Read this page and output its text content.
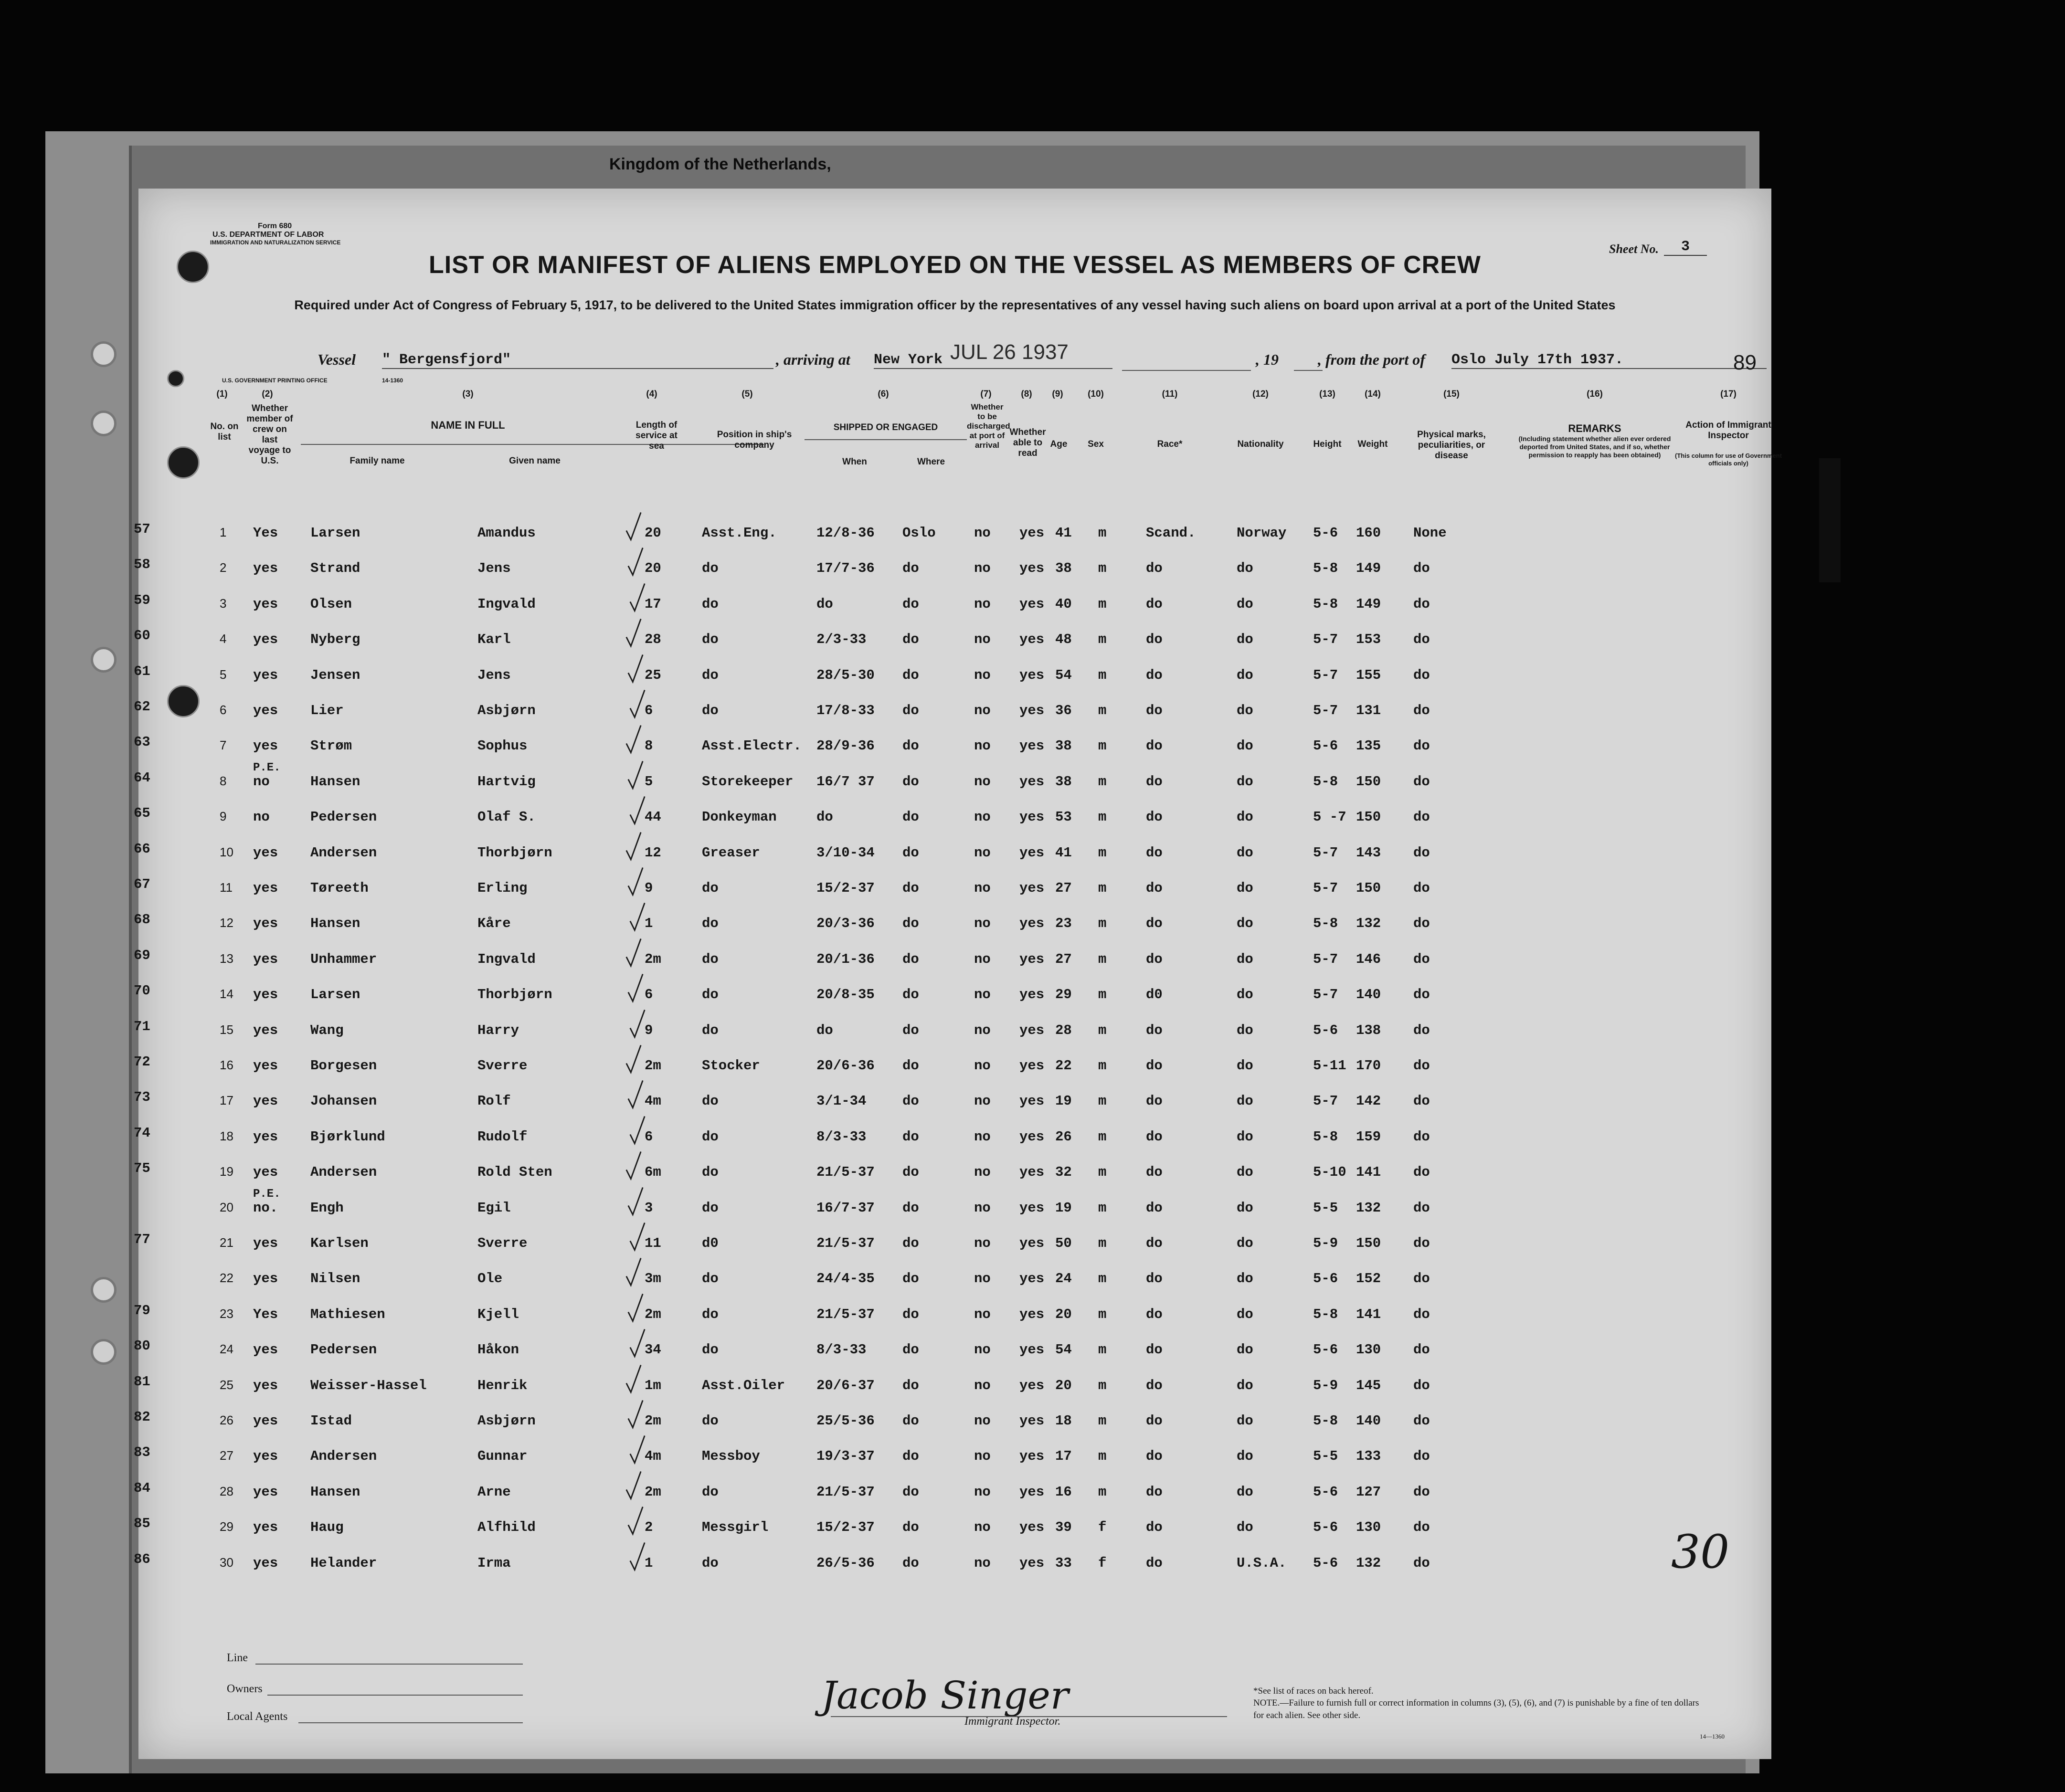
Kingdom of the Netherlands,
Form 680
U.S. DEPARTMENT OF LABOR
IMMIGRATION AND NATURALIZATION SERVICE
LIST OR MANIFEST OF ALIENS EMPLOYED ON THE VESSEL AS MEMBERS OF CREW
Required under Act of Congress of February 5, 1917, to be delivered to the United States immigration officer by the representatives of any vessel having such aliens on board upon arrival at a port of the United States
Sheet No.	3
Vessel " Bergensfjord"	, arriving at New York JUL 26 1937	, 19	, from the port of Oslo July 17th 1937.	89
U.S. GOVERNMENT PRINTING OFFICE	14-1360
(1)
No. on list
(2)
Whether member of crew on last voyage to U.S.
(3)
NAME IN FULL
Family name	Given name
(4)
Length of service at sea
(5)
Position in ship's company
(6)
SHIPPED OR ENGAGED
When	Where
(7)
Whether to be discharged at port of arrival
(8)
Whether able to read
(9)
Age
(10)
Sex
(11)
Race*
(12)
Nationality
(13)
Height
(14)
Weight
(15)
Physical marks, peculiarities, or disease
(16)
REMARKS
(Including statement whether alien ever ordered deported from United States, and if so, whether permission to reapply has been obtained)
(17)
Action of Immigrant Inspector
(This column for use of Government officials only)
57	1 Yes Larsen	Amandus	20	Asst.Eng.	12/8-36 Oslo	no yes 41 m	Scand.	Norway 5-6 160 None
58	2 yes Strand	Jens	20	do	17/7-36 do	no yes 38 m	do	do	5-8 149 do
59	3 yes Olsen	Ingvald	17	do	do	do	no yes 40 m	do	do	5-8 149 do
60	4 yes Nyberg	Karl	28	do	2/3-33	do	no yes 48 m	do	do	5-7 153 do
61	5 yes Jensen	Jens	25	do	28/5-30 do	no yes 54 m	do	do	5-7 155 do
62	6 yes Lier	Asbjørn	6	do	17/8-33 do	no yes 36 m	do	do	5-7 131 do
63	7 yes Strøm	Sophus	8	Asst.Electr. 28/9-36 do	no yes 38 m	do	do	5-6 135 do
64	8 no	Hansen	Hartvig	5	Storekeeper 16/7 37 do	no yes 38 m	do	do	5-8 150 do
P.E.
65	9 no	Pedersen	Olaf S.	44	Donkeyman	do	do	no yes 53 m	do	do	5 -7 150 do
66	10 yes Andersen	Thorbjørn	12	Greaser	3/10-34 do	no yes 41 m	do	do	5-7 143 do
67	11 yes Tøreeth	Erling	9	do	15/2-37 do	no yes 27 m	do	do	5-7 150 do
68	12 yes Hansen	Kåre	1	do	20/3-36 do	no yes 23 m	do	do	5-8 132 do
69	13 yes Unhammer	Ingvald	2m	do	20/1-36 do	no yes 27 m	do	do	5-7 146 do
70	14 yes Larsen	Thorbjørn	6	do	20/8-35 do	no yes 29 m	d0	do	5-7 140 do
71	15 yes Wang	Harry	9	do	do	do	no yes 28 m	do	do	5-6 138 do
72	16 yes Borgesen	Sverre	2m	Stocker	20/6-36 do	no yes 22 m	do	do	5-11 170 do
73	17 yes Johansen	Rolf	4m	do	3/1-34	do	no yes 19 m	do	do	5-7 142 do
74	18 yes Bjørklund	Rudolf	6	do	8/3-33	do	no yes 26 m	do	do	5-8 159 do
75	19 yes Andersen	Rold Sten	6m	do	21/5-37 do	no yes 32 m	do	do	5-10 141 do
20 no. Engh	Egil	3	do	16/7-37 do	no yes 19 m	do	do	5-5 132 do
P.E.
77	21 yes Karlsen	Sverre	11	d0	21/5-37 do	no yes 50 m	do	do	5-9 150 do
22 yes Nilsen	Ole	3m	do	24/4-35 do	no yes 24 m	do	do	5-6 152 do
79	23 Yes Mathiesen	Kjell	2m	do	21/5-37 do	no yes 20 m	do	do	5-8 141 do
80	24 yes Pedersen	Håkon	34	do	8/3-33	do	no yes 54 m	do	do	5-6 130 do
81	25 yes Weisser-Hassel	Henrik	1m	Asst.Oiler 20/6-37 do	no yes 20 m	do	do	5-9 145 do
82	26 yes Istad	Asbjørn	2m	do	25/5-36 do	no yes 18 m	do	do	5-8 140 do
83	27 yes Andersen	Gunnar	4m	Messboy	19/3-37 do	no yes 17 m	do	do	5-5 133 do
84	28 yes Hansen	Arne	2m	do	21/5-37 do	no yes 16 m	do	do	5-6 127 do
85	29 yes Haug	Alfhild	2	Messgirl	15/2-37 do	no yes 39 f	do	do	5-6 130 do
86	30 yes Helander	Irma	1	do	26/5-36 do	no yes 33 f	do	U.S.A. 5-6 132 do
Line
Owners
Local Agents	Jacob Singer
Immigrant Inspector.
*See list of races on back hereof.
NOTE.—Failure to furnish full or correct information in columns (3), (5), (6), and (7) is punishable by a fine of ten dollars for each alien. See other side.
14—1360
30
